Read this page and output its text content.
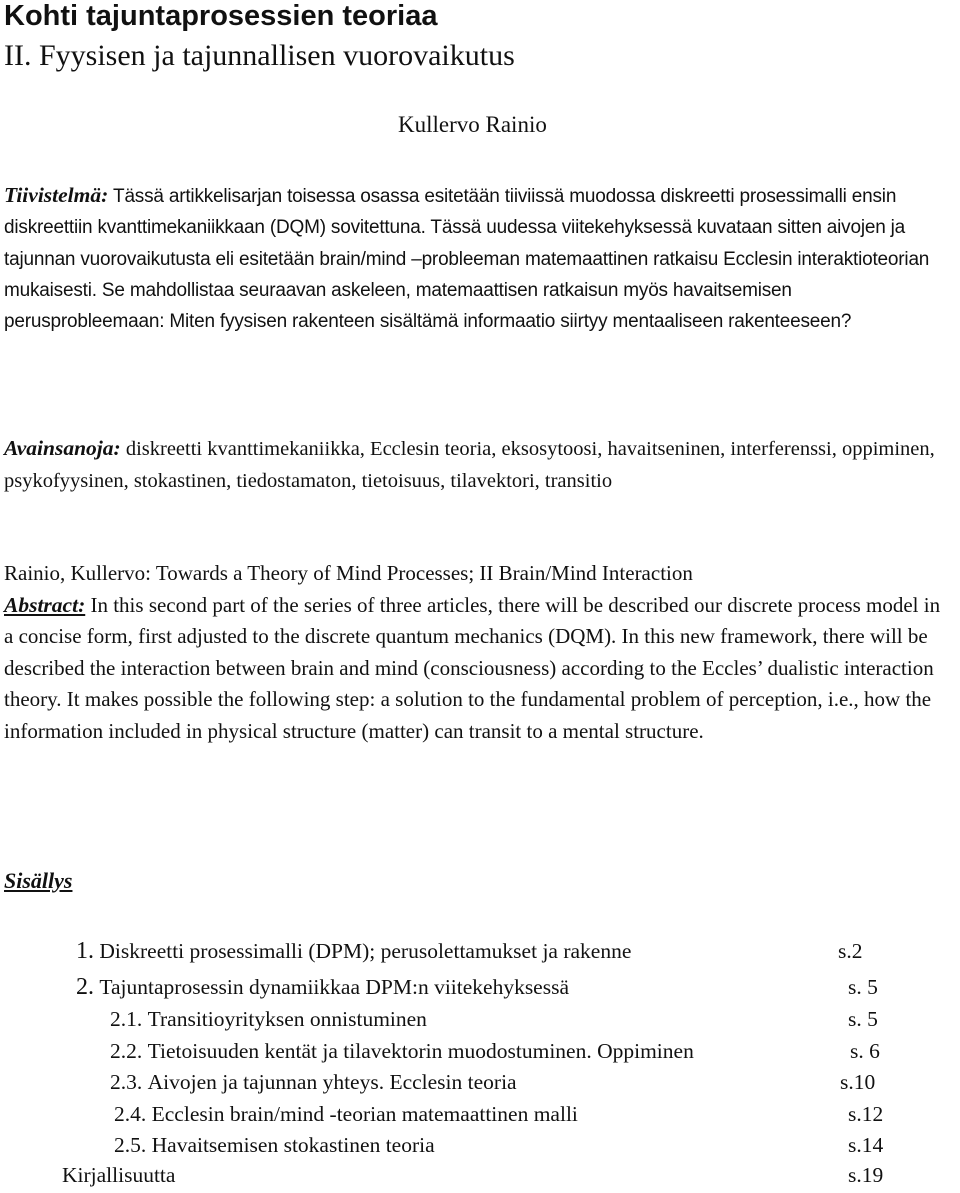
Kohti tajuntaprosessien teoriaa
II. Fyysisen ja tajunnallisen vuorovaikutus
Kullervo Rainio

Tiivistelmä: Tässä artikkelisarjan toisessa osassa esitetään tiiviissä muodossa diskreetti prosessimalli ensin diskreettiin kvanttimekaniikkaan (DQM) sovitettuna. Tässä uudessa viitekehyksessä kuvataan sitten aivojen ja tajunnan vuorovaikutusta eli esitetään brain/mind –probleeman matemaattinen ratkaisu Ecclesin interaktioteorian mukaisesti. Se mahdollistaa seuraavan askeleen, matemaattisen ratkaisun myös havaitsemisen perusprobleemaan: Miten fyysisen rakenteen sisältämä informaatio siirtyy mentaaliseen rakenteeseen?

Avainsanoja: diskreetti kvanttimekaniikka, Ecclesin teoria, eksosytoosi, havaitseninen, interferenssi, oppiminen, psykofyysinen, stokastinen, tiedostamaton, tietoisuus, tilavektori, transitio

Rainio, Kullervo: Towards a Theory of Mind Processes; II Brain/Mind Interaction
Abstract: In this second part of the series of three articles, there will be described our discrete process model in a concise form, first adjusted to the discrete quantum mechanics (DQM). In this new framework, there will be described the interaction between brain and mind (consciousness) according to the Eccles’ dualistic interaction theory. It makes possible the following step: a solution to the fundamental problem of perception, i.e., how the information included in physical structure (matter) can transit to a mental structure.

Sisällys
1. Diskreetti prosessimalli (DPM); perusolettamukset ja rakenne	s.2
2. Tajuntaprosessin dynamiikkaa DPM:n viitekehyksessä	s. 5
2.1. Transitioyrityksen onnistuminen	s. 5
2.2. Tietoisuuden kentät ja tilavektorin muodostuminen. Oppiminen	s. 6
2.3. Aivojen ja tajunnan yhteys. Ecclesin teoria	s.10
2.4. Ecclesin brain/mind -teorian matemaattinen malli	s.12
2.5. Havaitsemisen stokastinen teoria	s.14
Kirjallisuutta	s.19
